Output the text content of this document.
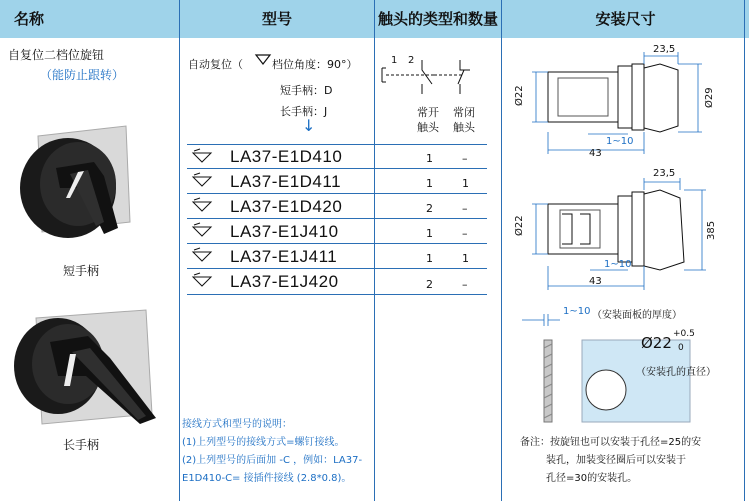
名称	型号	触头的类型和数量	安装尺寸
自复位二档位旋钮
（能防止跟转）
短手柄
长手柄
自动复位（	档位角度：90°）
短手柄：D
长手柄：J
↓
LA37-E1D410	1	–
LA37-E1D411	1	1
LA37-E1D420	2	–
LA37-E1J410	1	–
LA37-E1J411	1	1
LA37-E1J420	2	–
1 2
常开
触头
常闭
触头
接线方式和型号的说明：
(1)上列型号的接线方式=螺钉接线。
(2)上列型号的后面加 -C ，例如：LA37-
E1D410-C= 接插件接线 (2.8*0.8)。
23,5
Ø22	Ø29
1~10
43
23,5
Ø22	385
1~10
43
1~10 （安装面板的厚度）
Ø22 +0.5
0
（安装孔的直径）
备注：按旋钮也可以安装于孔径=25的安
装孔，加装变径圈后可以安装于
孔径=30的安装孔。
